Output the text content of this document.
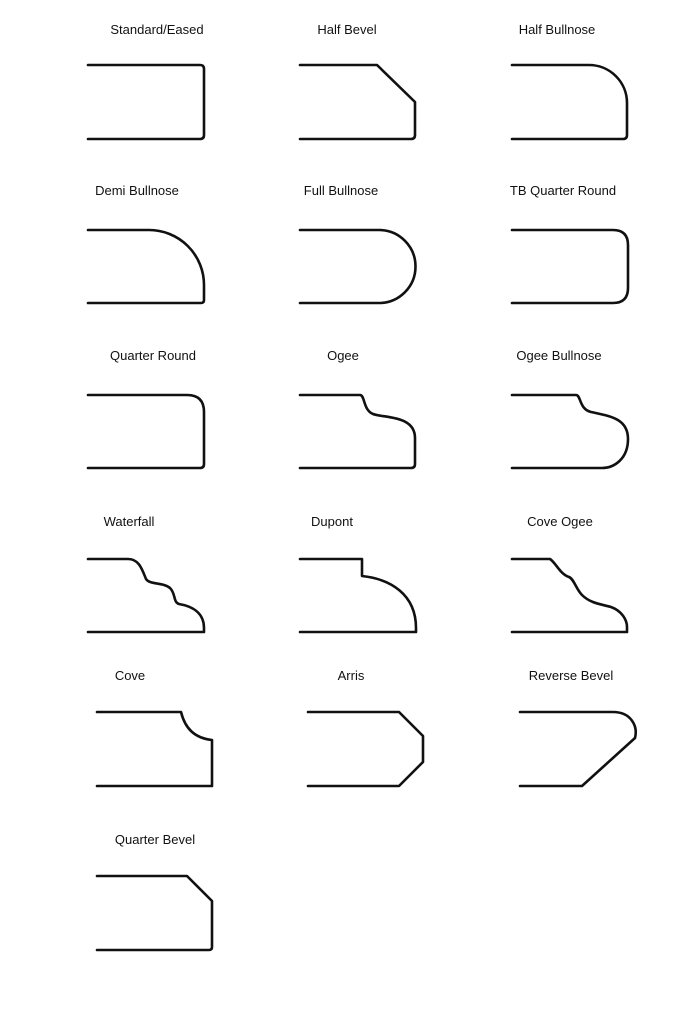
Standard/Eased	Half Bevel	Half Bullnose
Demi Bullnose	Full Bullnose	TB Quarter Round
Quarter Round	Ogee	Ogee Bullnose
Waterfall	Dupont	Cove Ogee
Cove	Arris	Reverse Bevel
Quarter Bevel
